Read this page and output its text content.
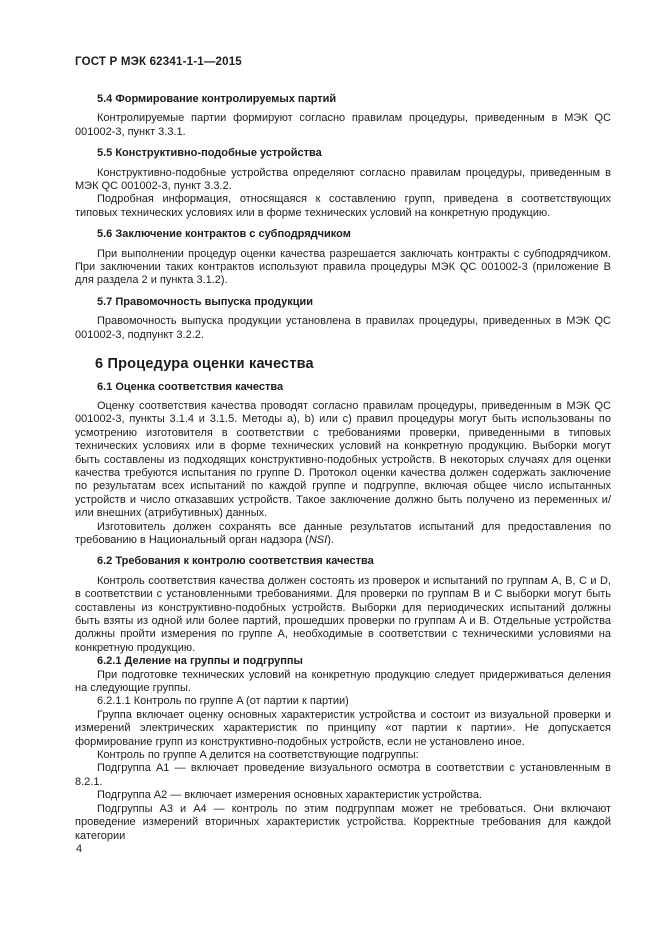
ГОСТ Р МЭК 62341-1-1—2015
5.4 Формирование контролируемых партий

Контролируемые партии формируют согласно правилам процедуры, приведенным в МЭК QC 001002-3, пункт 3.3.1.

5.5 Конструктивно-подобные устройства

Конструктивно-подобные устройства определяют согласно правилам процедуры, приведенным в МЭК QC 001002-3, пункт 3.3.2.

Подробная информация, относящаяся к составлению групп, приведена в соответствующих типовых технических условиях или в форме технических условий на конкретную продукцию.

5.6 Заключение контрактов с субподрядчиком

При выполнении процедур оценки качества разрешается заключать контракты с субподрядчиком. При заключении таких контрактов используют правила процедуры МЭК QC 001002-3 (приложение В для раздела 2 и пункта 3.1.2).

5.7 Правомочность выпуска продукции

Правомочность выпуска продукции установлена в правилах процедуры, приведенных в МЭК QC 001002-3, подпункт 3.2.2.

6 Процедура оценки качества
6.1 Оценка соответствия качества

Оценку соответствия качества проводят согласно правилам процедуры, приведенным в МЭК QC 001002-3, пункты 3.1.4 и 3.1.5. Методы a), b) или c) правил процедуры могут быть использованы по усмотрению изготовителя в соответствии с требованиями проверки, приведенными в типовых технических условиях или в форме технических условий на конкретную продукцию. Выборки могут быть составлены из подходящих конструктивно-подобных устройств. В некоторых случаях для оценки качества требуются испытания по группе D. Протокол оценки качества должен содержать заключение по результатам всех испытаний по каждой группе и подгруппе, включая общее число испытанных устройств и число отказавших устройств. Такое заключение должно быть получено из переменных и/или внешних (атрибутивных) данных.

Изготовитель должен сохранять все данные результатов испытаний для предоставления по требованию в Национальный орган надзора (NSI).

6.2 Требования к контролю соответствия качества

Контроль соответствия качества должен состоять из проверок и испытаний по группам A, B, C и D, в соответствии с установленными требованиями. Для проверки по группам B и C выборки могут быть составлены из конструктивно-подобных устройств. Выборки для периодических испытаний должны быть взяты из одной или более партий, прошедших проверки по группам A и B. Отдельные устройства должны пройти измерения по группе A, необходимые в соответствии с техническими условиями на конкретную продукцию.

6.2.1 Деление на группы и подгруппы

При подготовке технических условий на конкретную продукцию следует придерживаться деления на следующие группы.

6.2.1.1 Контроль по группе A (от партии к партии)

Группа включает оценку основных характеристик устройства и состоит из визуальной проверки и измерений электрических характеристик по принципу «от партии к партии». Не допускается формирование групп из конструктивно-подобных устройств, если не установлено иное.

Контроль по группе A делится на соответствующие подгруппы:

Подгруппа A1 — включает проведение визуального осмотра в соответствии с установленным в 8.2.1.

Подгруппа A2 — включает измерения основных характеристик устройства.

Подгруппы A3 и A4 — контроль по этим подгруппам может не требоваться. Они включают проведение измерений вторичных характеристик устройства. Корректные требования для каждой категории

4
